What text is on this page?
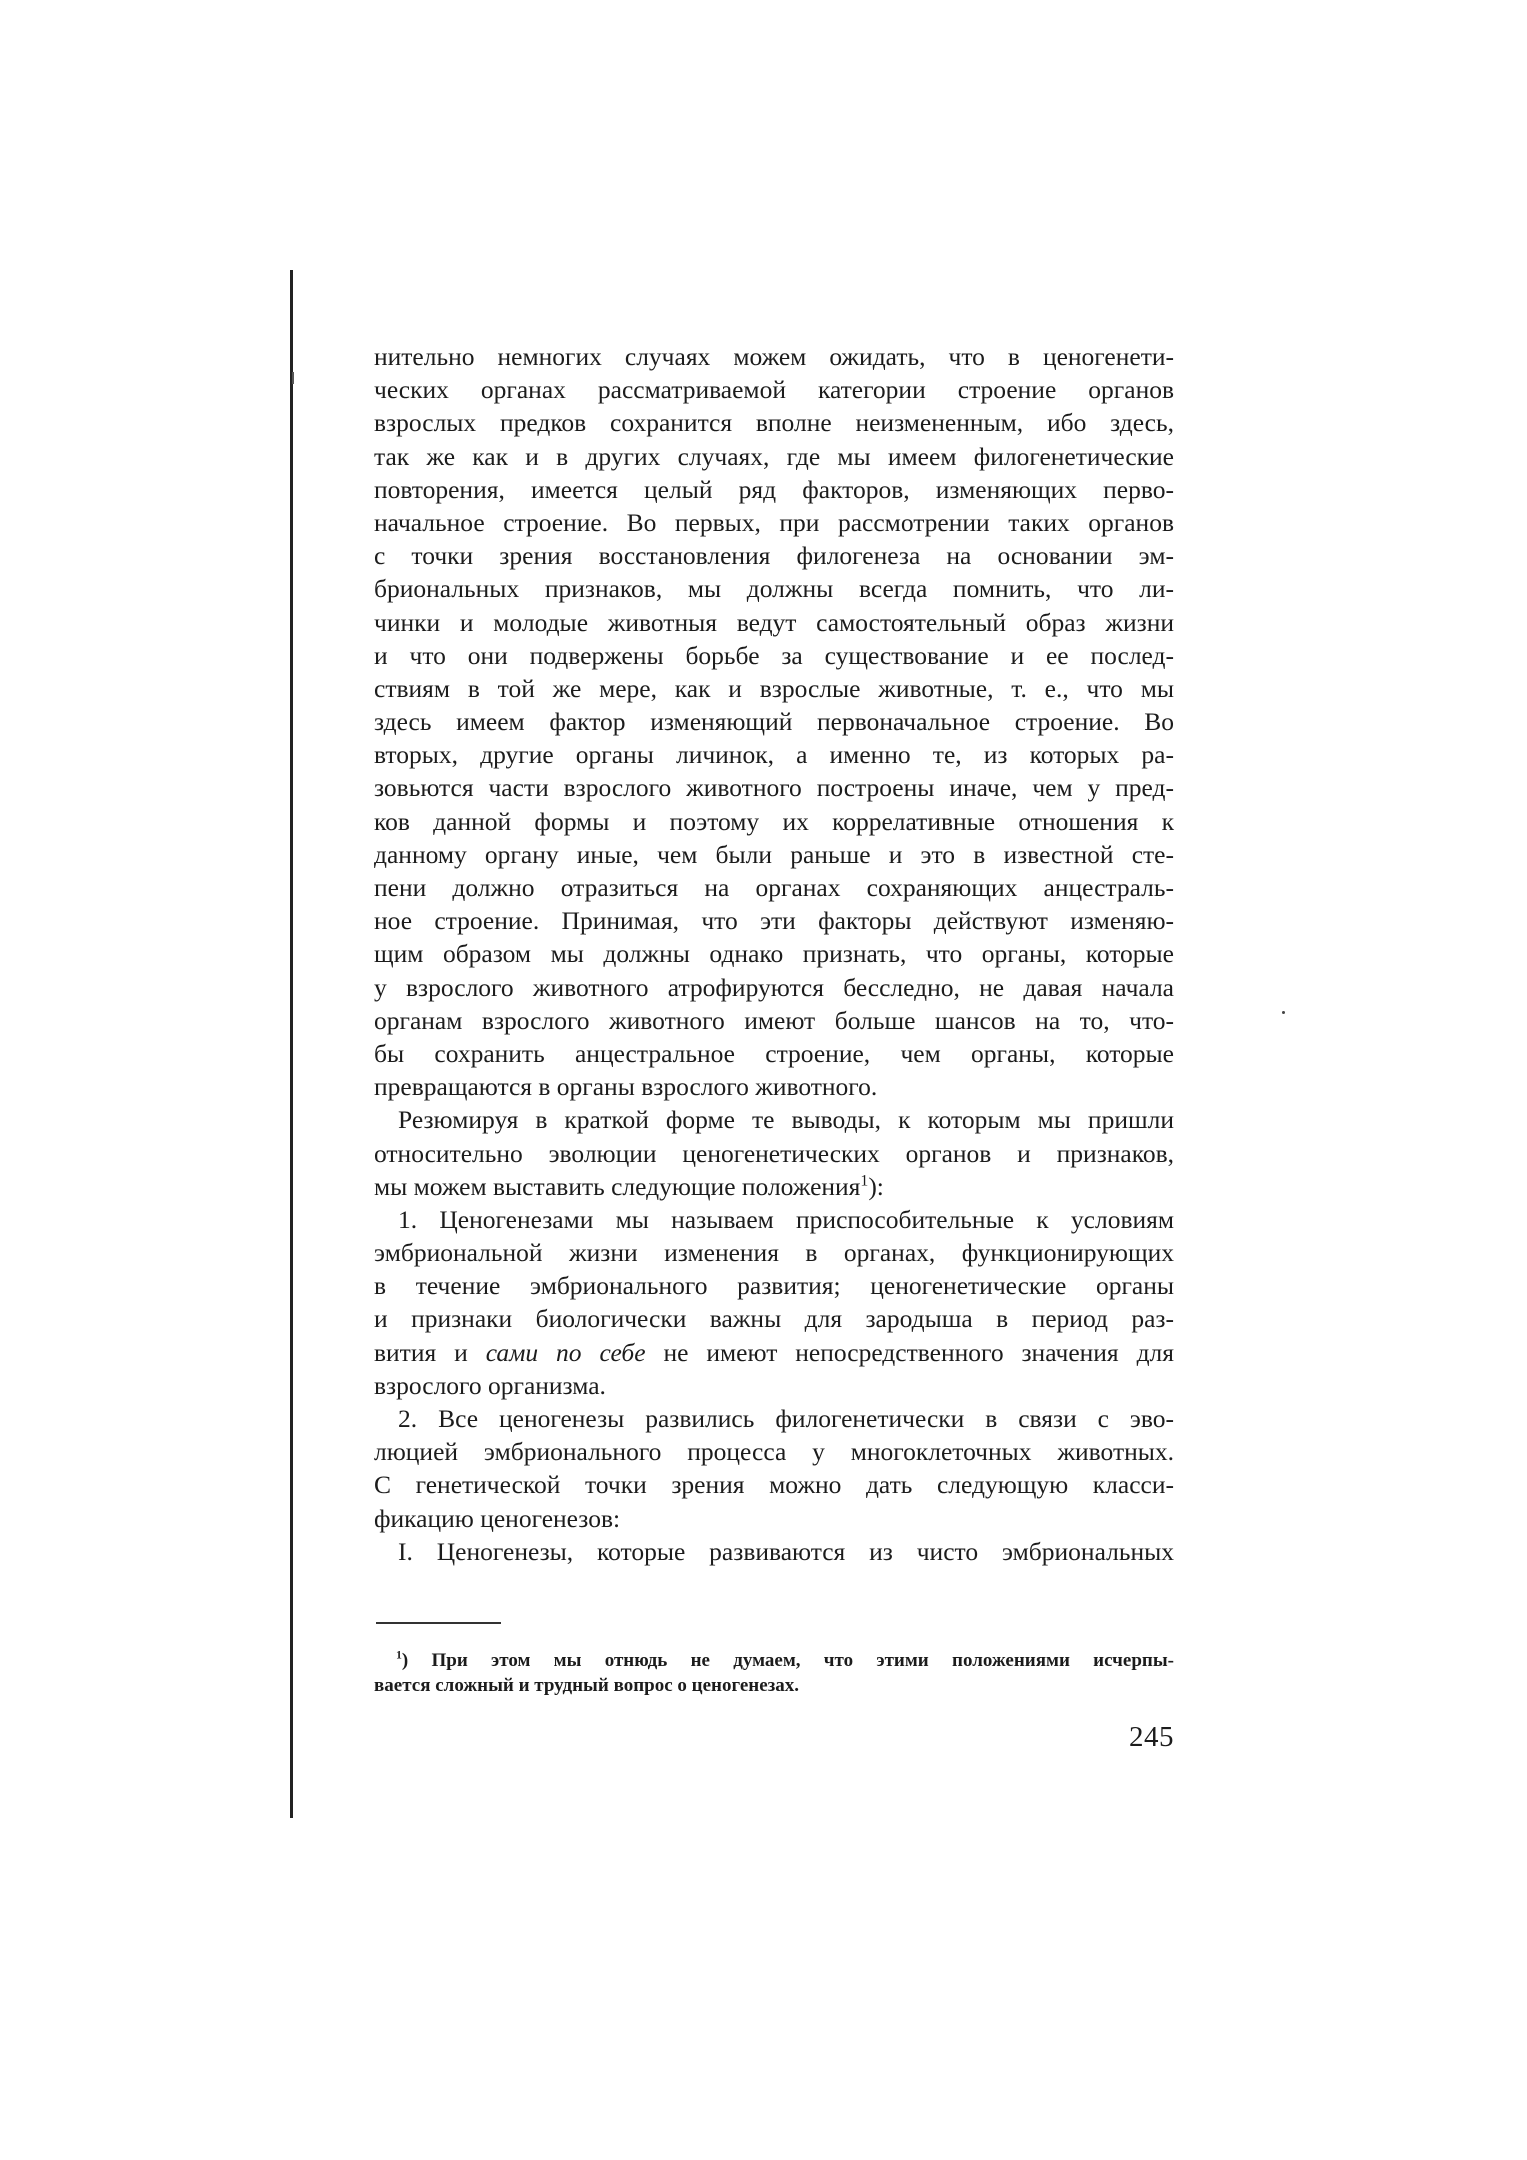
нительно немногих случаях можем ожидать, что в ценогенети-
ческих органах рассматриваемой категории строение органов
взрослых предков сохранится вполне неизмененным, ибо здесь,
так же как и в других случаях, где мы имеем филогенетические
повторения, имеется целый ряд факторов, изменяющих перво-
начальное строение. Во первых, при рассмотрении таких органов
с точки зрения восстановления филогенеза на основании эм-
бриональных признаков, мы должны всегда помнить, что ли-
чинки и молодые животныя ведут самостоятельный образ жизни
и что они подвержены борьбе за существование и ее послед-
ствиям в той же мере, как и взрослые животные, т. е., что мы
здесь имеем фактор изменяющий первоначальное строение. Во
вторых, другие органы личинок, а именно те, из которых ра-
зовьются части взрослого животного построены иначе, чем у пред-
ков данной формы и поэтому их коррелативные отношения к
данному органу иные, чем были раньше и это в известной сте-
пени должно отразиться на органах сохраняющих анцестраль-
ное строение. Принимая, что эти факторы действуют изменяю-
щим образом мы должны однако признать, что органы, которые
у взрослого животного атрофируются бесследно, не давая начала
органам взрослого животного имеют больше шансов на то, что-
бы сохранить анцестральное строение, чем органы, которые
превращаются в органы взрослого животного.
Резюмируя в краткой форме те выводы, к которым мы пришли
относительно эволюции ценогенетических органов и признаков,
мы можем выставить следующие положения$^1$):
1. Ценогенезами мы называем приспособительные к условиям
эмбриональной жизни изменения в органах, функционирующих
в течение эмбрионального развития; ценогенетические органы
и признаки биологически важны для зародыша в период раз-
вития и сами по себе не имеют непосредственного значения для
взрослого организма.
2. Все ценогенезы развились филогенетически в связи с эво-
люцией эмбрионального процесса у многоклеточных животных.
С генетической точки зрения можно дать следующую класси-
фикацию ценогенезов:
I. Ценогенезы, которые развиваются из чисто эмбриональных
$^1$) При этом мы отнюдь не думаем, что этими положениями исчерпы-
вается сложный и трудный вопрос о ценогенезах.
245
